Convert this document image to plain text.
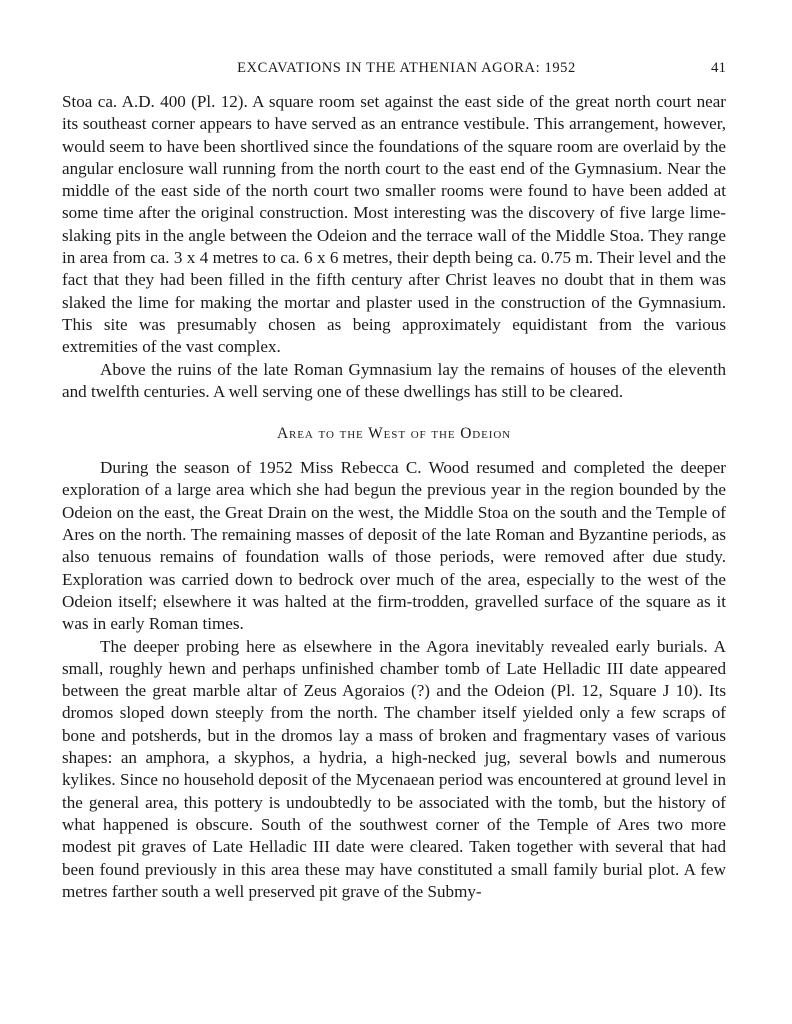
EXCAVATIONS IN THE ATHENIAN AGORA: 1952	41

Stoa ca. A.D. 400 (Pl. 12). A square room set against the east side of the great north court near its southeast corner appears to have served as an entrance vestibule. This arrangement, however, would seem to have been shortlived since the foundations of the square room are overlaid by the angular enclosure wall running from the north court to the east end of the Gymnasium. Near the middle of the east side of the north court two smaller rooms were found to have been added at some time after the original construction. Most interesting was the discovery of five large lime-slaking pits in the angle between the Odeion and the terrace wall of the Middle Stoa. They range in area from ca. 3 x 4 metres to ca. 6 x 6 metres, their depth being ca. 0.75 m. Their level and the fact that they had been filled in the fifth century after Christ leaves no doubt that in them was slaked the lime for making the mortar and plaster used in the construction of the Gymnasium. This site was presumably chosen as being approximately equidistant from the various extremities of the vast complex.

Above the ruins of the late Roman Gymnasium lay the remains of houses of the eleventh and twelfth centuries. A well serving one of these dwellings has still to be cleared.

Area to the West of the Odeion

During the season of 1952 Miss Rebecca C. Wood resumed and completed the deeper exploration of a large area which she had begun the previous year in the region bounded by the Odeion on the east, the Great Drain on the west, the Middle Stoa on the south and the Temple of Ares on the north. The remaining masses of deposit of the late Roman and Byzantine periods, as also tenuous remains of foundation walls of those periods, were removed after due study. Exploration was carried down to bedrock over much of the area, especially to the west of the Odeion itself; elsewhere it was halted at the firm-trodden, gravelled surface of the square as it was in early Roman times.

The deeper probing here as elsewhere in the Agora inevitably revealed early burials. A small, roughly hewn and perhaps unfinished chamber tomb of Late Helladic III date appeared between the great marble altar of Zeus Agoraios (?) and the Odeion (Pl. 12, Square J 10). Its dromos sloped down steeply from the north. The chamber itself yielded only a few scraps of bone and potsherds, but in the dromos lay a mass of broken and fragmentary vases of various shapes: an amphora, a skyphos, a hydria, a high-necked jug, several bowls and numerous kylikes. Since no household deposit of the Mycenaean period was encountered at ground level in the general area, this pottery is undoubtedly to be associated with the tomb, but the history of what happened is obscure. South of the southwest corner of the Temple of Ares two more modest pit graves of Late Helladic III date were cleared. Taken together with several that had been found previously in this area these may have constituted a small family burial plot. A few metres farther south a well preserved pit grave of the Submy-
